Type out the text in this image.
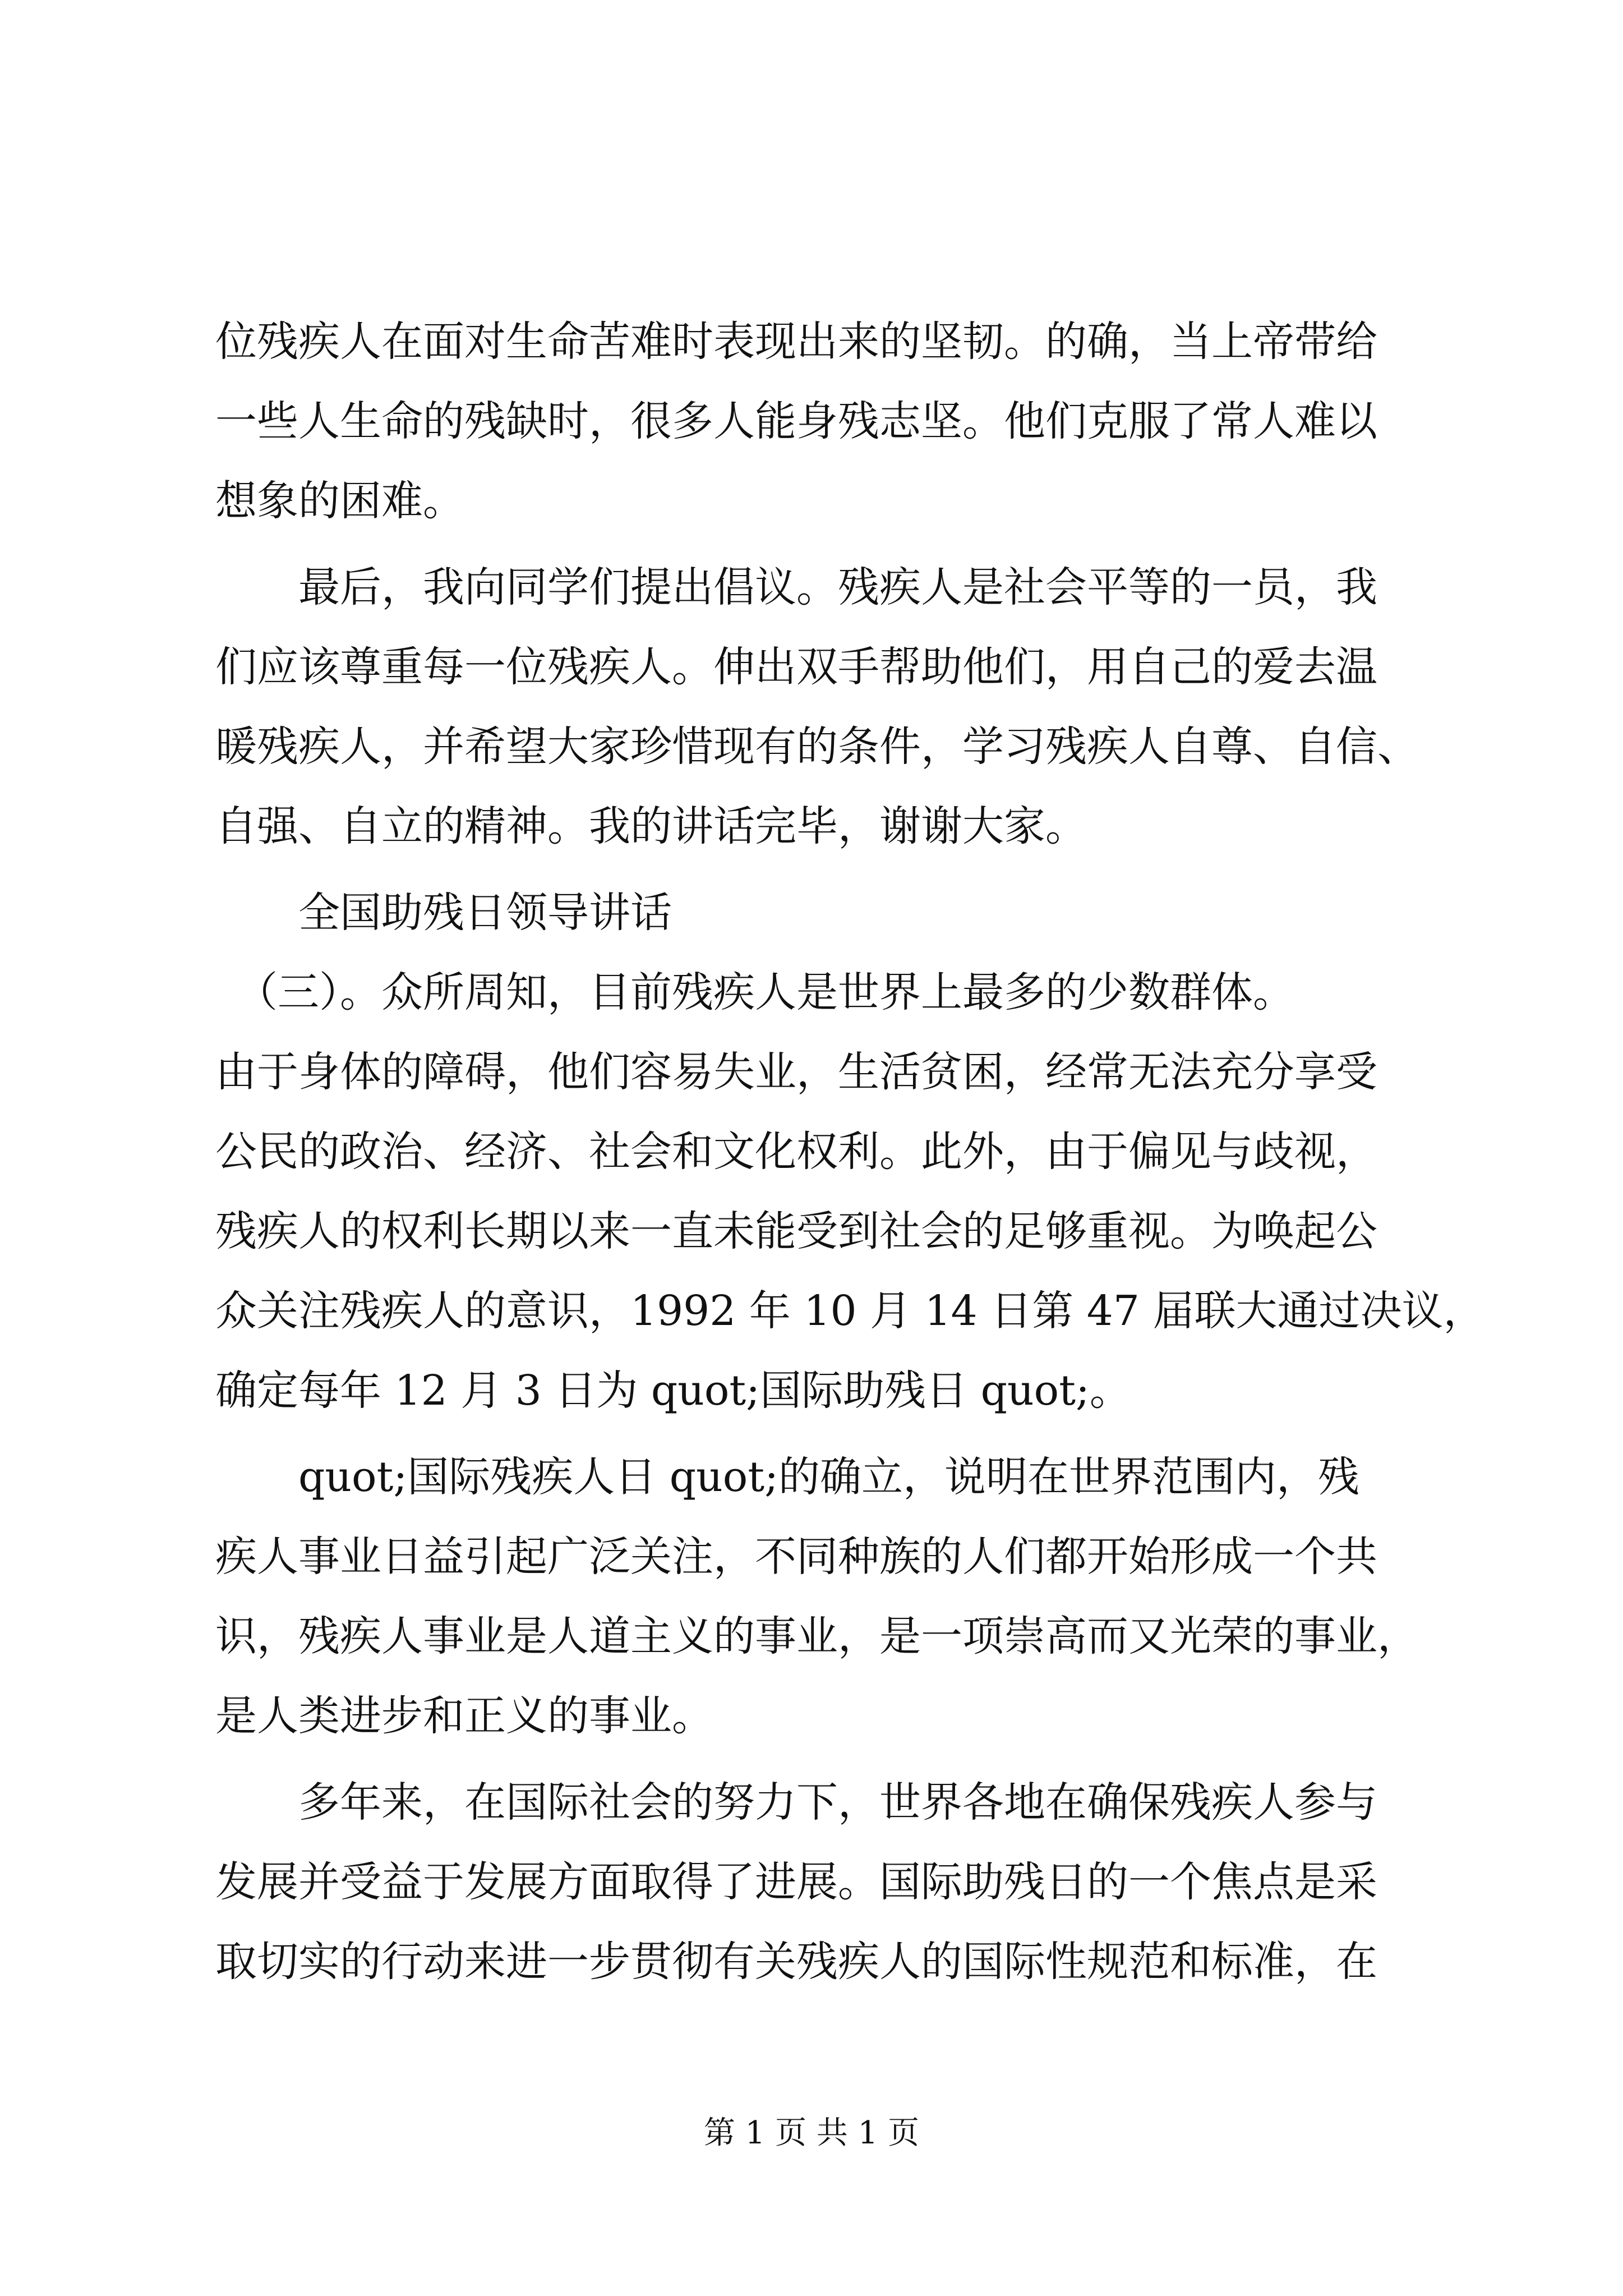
位残疾人在面对生命苦难时表现出来的坚韧。的确，当上帝带给
一些人生命的残缺时，很多人能身残志坚。他们克服了常人难以
想象的困难。
　　最后，我向同学们提出倡议。残疾人是社会平等的一员，我
们应该尊重每一位残疾人。伸出双手帮助他们，用自己的爱去温
暖残疾人，并希望大家珍惜现有的条件，学习残疾人自尊、自信、
自强、自立的精神。我的讲话完毕，谢谢大家。
　　全国助残日领导讲话
　（三）。众所周知，目前残疾人是世界上最多的少数群体。
由于身体的障碍，他们容易失业，生活贫困，经常无法充分享受
公民的政治、经济、社会和文化权利。此外，由于偏见与歧视，
残疾人的权利长期以来一直未能受到社会的足够重视。为唤起公
众关注残疾人的意识，1992 年 10 月 14 日第 47 届联大通过决议，
确定每年 12 月 3 日为 quot;国际助残日 quot;。
　　quot;国际残疾人日 quot;的确立，说明在世界范围内，残
疾人事业日益引起广泛关注，不同种族的人们都开始形成一个共
识，残疾人事业是人道主义的事业，是一项崇高而又光荣的事业，
是人类进步和正义的事业。
　　多年来，在国际社会的努力下，世界各地在确保残疾人参与
发展并受益于发展方面取得了进展。国际助残日的一个焦点是采
取切实的行动来进一步贯彻有关残疾人的国际性规范和标准，在
第 1 页 共 1 页
